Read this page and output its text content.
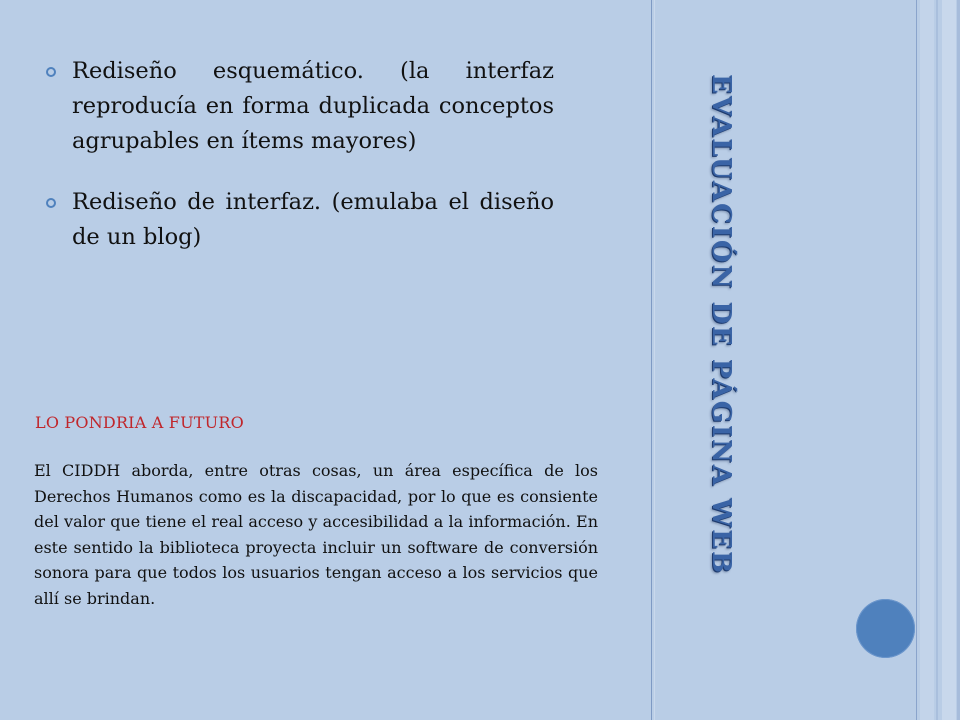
EVALUACIÓN DE PÁGINA WEB
Rediseño esquemático. (la interfaz reproducía en forma duplicada conceptos agrupables en ítems mayores)
Rediseño de interfaz. (emulaba el diseño de un blog)
LO PONDRIA A FUTURO
El CIDDH aborda, entre otras cosas, un área específica de los Derechos Humanos como es la discapacidad, por lo que es consiente del valor que tiene el real acceso y accesibilidad a la información. En este sentido la biblioteca proyecta incluir un software de conversión sonora para que todos los usuarios tengan acceso a los servicios que allí se brindan.
